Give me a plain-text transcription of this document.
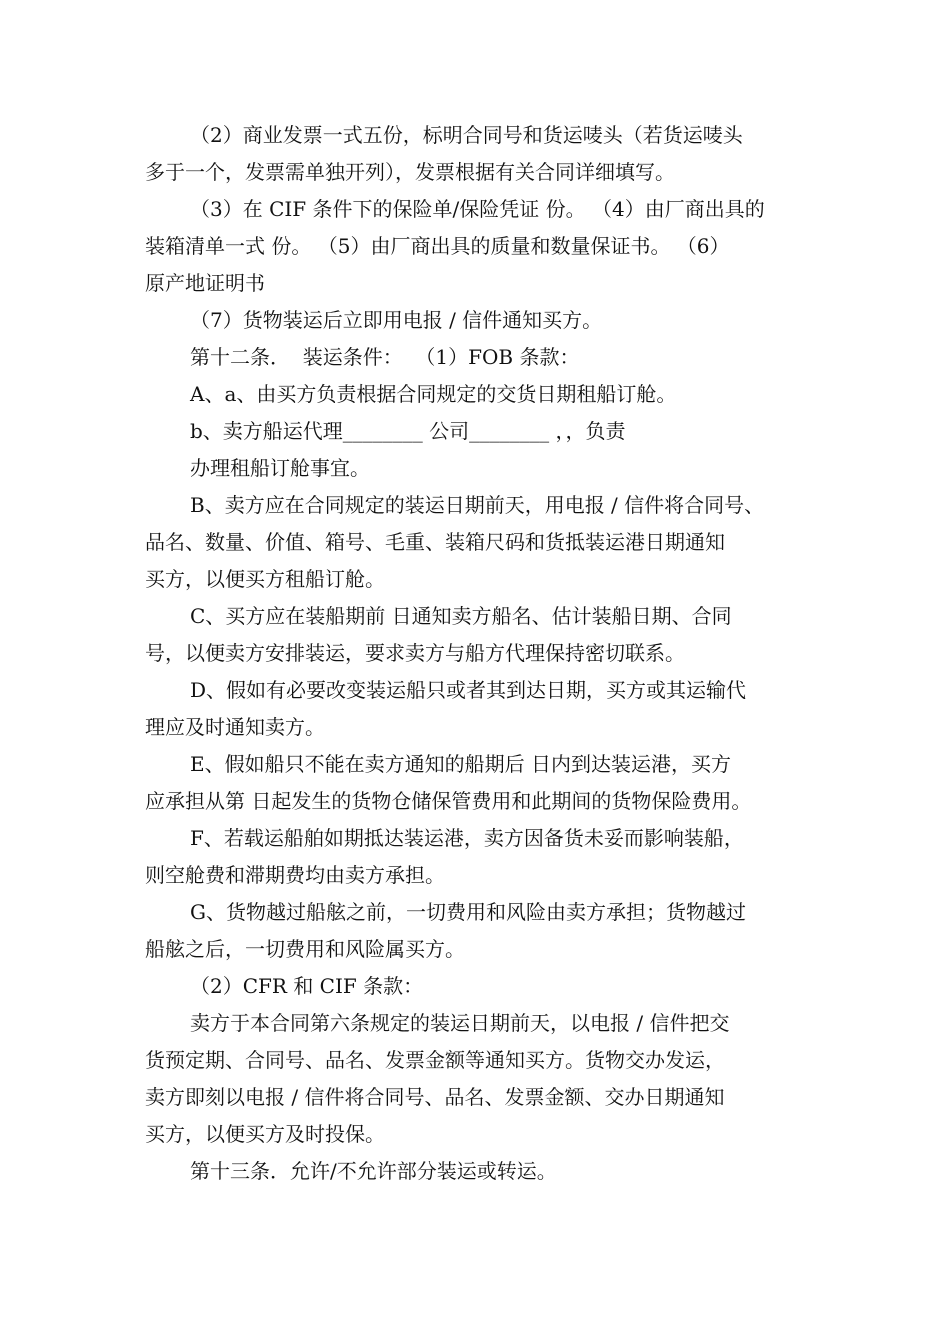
（2）商业发票一式五份，标明合同号和货运唛头（若货运唛头
多于一个，发票需单独开列），发票根据有关合同详细填写。
（3）在 CIF 条件下的保险单/保险凭证 份。 （4）由厂商出具的
装箱清单一式 份。 （5）由厂商出具的质量和数量保证书。 （6）
原产地证明书
（7）货物装运后立即用电报 / 信件通知买方。
第十二条．  装运条件：  （1）FOB 条款：
A、a、由买方负责根据合同规定的交货日期租船订舱。
b、卖方船运代理________ 公司________ ，，负责
办理租船订舱事宜。
B、卖方应在合同规定的装运日期前天，用电报 / 信件将合同号、
品名、数量、价值、箱号、毛重、装箱尺码和货抵装运港日期通知
买方，以便买方租船订舱。
C、买方应在装船期前 日通知卖方船名、估计装船日期、合同
号，以便卖方安排装运，要求卖方与船方代理保持密切联系。
D、假如有必要改变装运船只或者其到达日期，买方或其运输代
理应及时通知卖方。
E、假如船只不能在卖方通知的船期后 日内到达装运港，买方
应承担从第 日起发生的货物仓储保管费用和此期间的货物保险费用。
F、若载运船舶如期抵达装运港，卖方因备货未妥而影响装船，
则空舱费和滞期费均由卖方承担。
G、货物越过船舷之前，一切费用和风险由卖方承担；货物越过
船舷之后，一切费用和风险属买方。
（2）CFR 和 CIF 条款：
卖方于本合同第六条规定的装运日期前天，以电报 / 信件把交
货预定期、合同号、品名、发票金额等通知买方。货物交办发运，
卖方即刻以电报 / 信件将合同号、品名、发票金额、交办日期通知
买方，以便买方及时投保。
第十三条．允许/不允许部分装运或转运。
